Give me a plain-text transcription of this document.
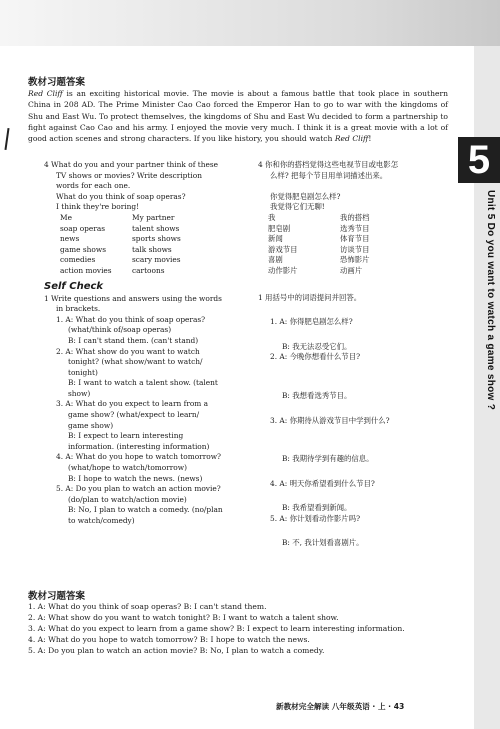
5
Unit 5 Do you want to watch a game show ?
教材习题答案
Red Cliff is an exciting historical movie. The movie is about a famous battle that took place in southern China in 208 AD. The Prime Minister Cao Cao forced the Emperor Han to go to war with the kingdoms of Shu and East Wu. To protect themselves, the kingdoms of Shu and East Wu decided to form a partnership to fight against Cao Cao and his army. I enjoyed the movie very much. I think it is a great movie with a lot of good action scenes and strong characters. If you like history, you should watch Red Cliff!
4 What do you and your partner think of these
TV shows or movies? Write description
words for each one.
What do you think of soap operas?
I think they're boring!
Me	My partner
soap operas	talent shows
news	sports shows
game shows	talk shows
comedies	scary movies
action movies	cartoons
Self Check
1 Write questions and answers using the words
in brackets.
1. A: What do you think of soap operas?
(what/think of/soap operas)
B: I can't stand them. (can't stand)
2. A: What show do you want to watch
tonight? (what show/want to watch/
tonight)
B: I want to watch a talent show. (talent
show)
3. A: What do you expect to learn from a
game show? (what/expect to learn/
game show)
B: I expect to learn interesting
information. (interesting information)
4. A: What do you hope to watch tomorrow?
(what/hope to watch/tomorrow)
B: I hope to watch the news. (news)
5. A: Do you plan to watch an action movie?
(do/plan to watch/action movie)
B: No, I plan to watch a comedy. (no/plan
to watch/comedy)
4 你和你的搭档觉得这些电视节目或电影怎
么样? 把每个节目用单词描述出来。
你觉得肥皂剧怎么样?
我觉得它们无聊!
我	我的搭档
肥皂剧	选秀节目
新闻	体育节目
游戏节目	访谈节目
喜剧	恐怖影片
动作影片	动画片
1 用括号中的词语提问并回答。
1. A: 你得肥皂剧怎么样?
B: 我无法忍受它们。
2. A: 今晚你想看什么节目?
B: 我想看选秀节目。
3. A: 你期待从游戏节目中学到什么?
B: 我期待学到有趣的信息。
4. A: 明天你希望看到什么节目?
B: 我希望看到新闻。
5. A: 你计划看动作影片吗?
B: 不, 我计划看喜剧片。
教材习题答案
1. A: What do you think of soap operas? B: I can't stand them.
2. A: What show do you want to watch tonight? B: I want to watch a talent show.
3. A: What do you expect to learn from a game show? B: I expect to learn interesting information.
4. A: What do you hope to watch tomorrow? B: I hope to watch the news.
5. A: Do you plan to watch an action movie? B: No, I plan to watch a comedy.
新教材完全解读 八年级英语 · 上 · 43
